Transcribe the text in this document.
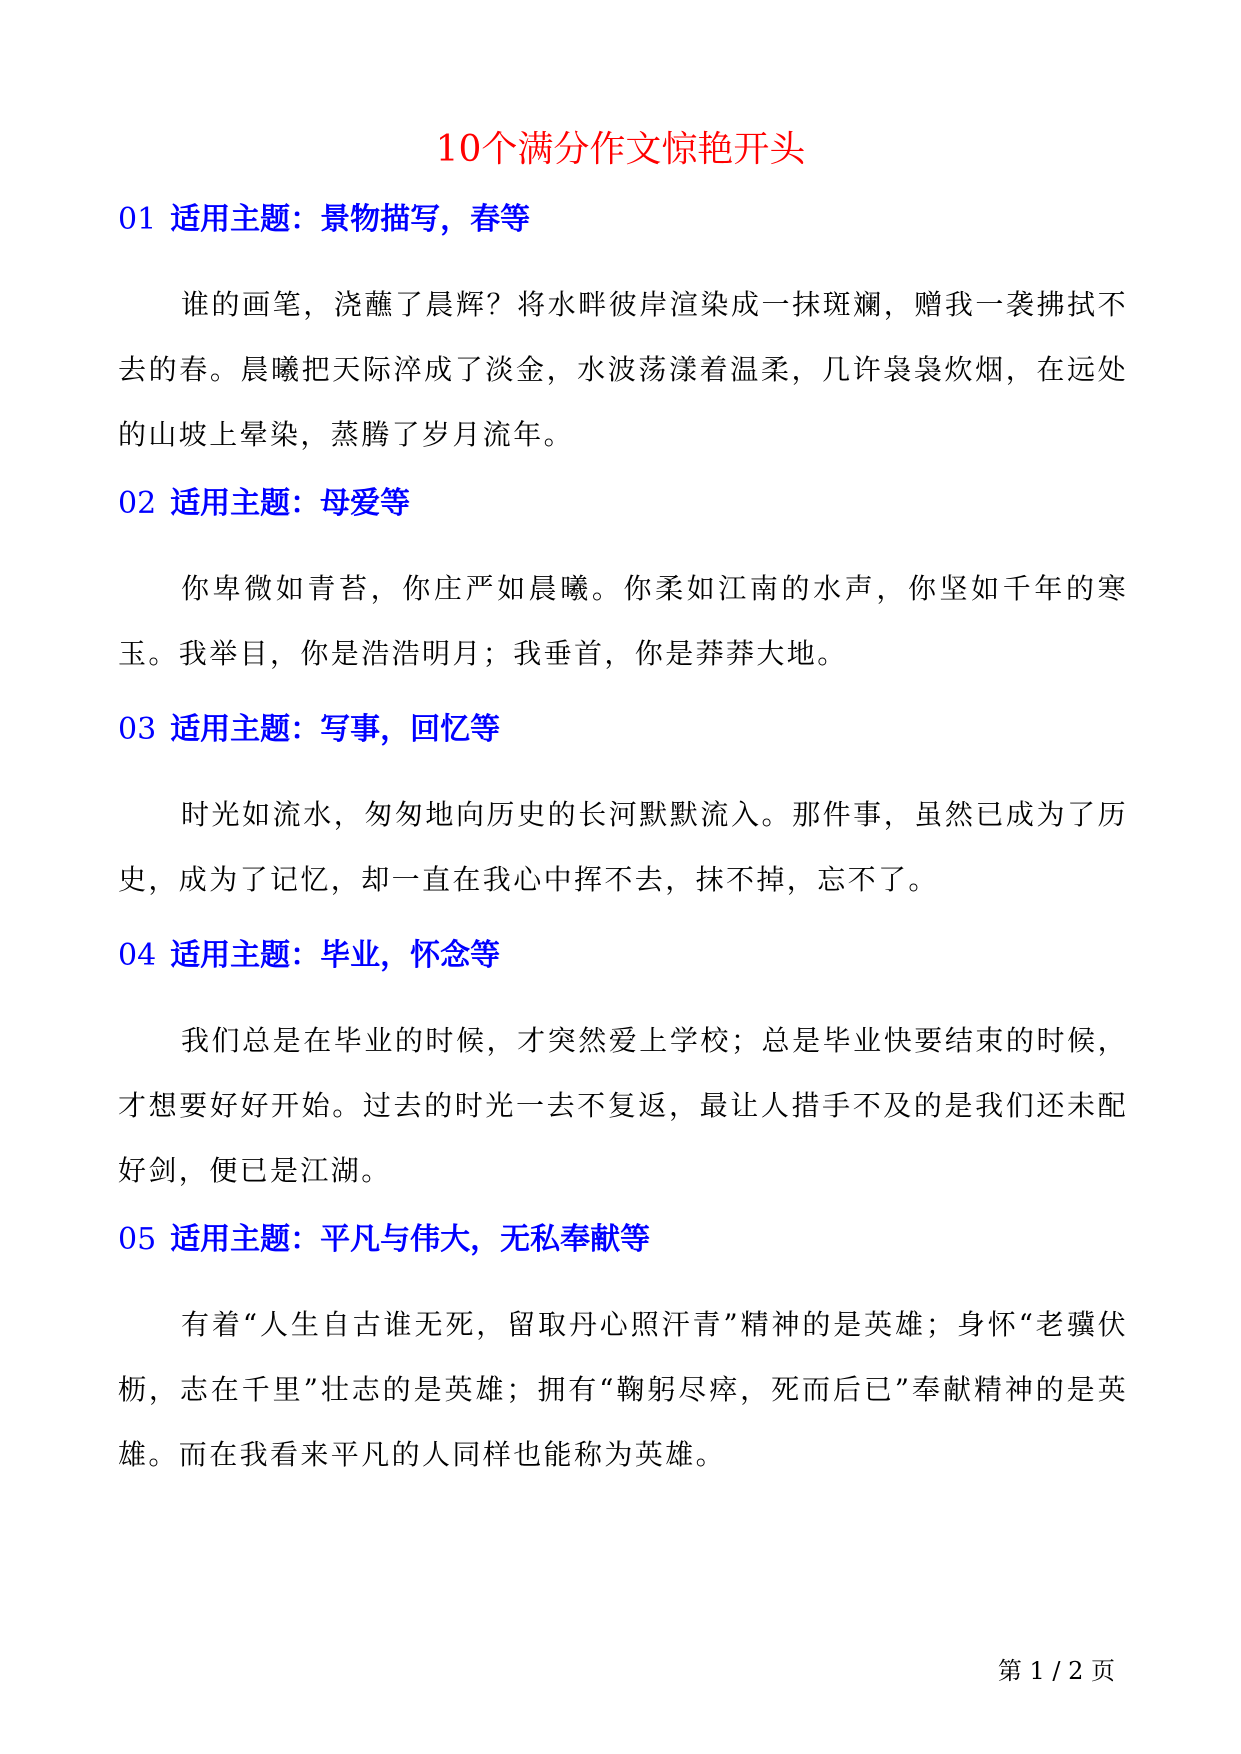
10个满分作文惊艳开头
01 适用主题：景物描写，春等

谁的画笔，浇蘸了晨辉？将水畔彼岸渲染成一抹斑斓，赠我一袭拂拭不去的春。晨曦把天际淬成了淡金，水波荡漾着温柔，几许袅袅炊烟，在远处的山坡上晕染，蒸腾了岁月流年。

02 适用主题：母爱等

你卑微如青苔，你庄严如晨曦。你柔如江南的水声，你坚如千年的寒玉。我举目，你是浩浩明月；我垂首，你是莽莽大地。

03 适用主题：写事，回忆等

时光如流水，匆匆地向历史的长河默默流入。那件事，虽然已成为了历史，成为了记忆，却一直在我心中挥不去，抹不掉，忘不了。

04 适用主题：毕业，怀念等

我们总是在毕业的时候，才突然爱上学校；总是毕业快要结束的时候，才想要好好开始。过去的时光一去不复返，最让人措手不及的是我们还未配好剑，便已是江湖。

05 适用主题：平凡与伟大，无私奉献等

有着“人生自古谁无死，留取丹心照汗青”精神的是英雄；身怀“老骥伏枥，志在千里”壮志的是英雄；拥有“鞠躬尽瘁，死而后已”奉献精神的是英雄。而在我看来平凡的人同样也能称为英雄。

第 1 / 2 页
